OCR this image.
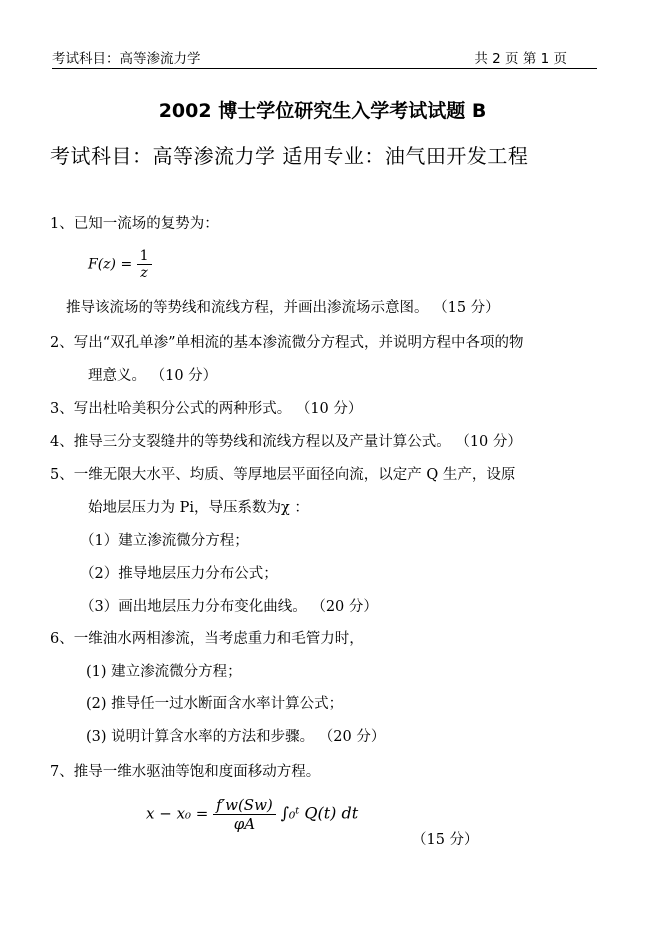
考试科目：高等渗流力学	共 2 页 第 1 页
2002 博士学位研究生入学考试试题 B
考试科目：高等渗流力学 适用专业：油气田开发工程
1、已知一流场的复势为：
$F(z) = \frac{1}{z}$
推导该流场的等势线和流线方程，并画出渗流场示意图。 （15 分）
2、写出“双孔单渗”单相流的基本渗流微分方程式，并说明方程中各项的物
理意义。 （10 分）
3、写出杜哈美积分公式的两种形式。 （10 分）
4、推导三分支裂缝井的等势线和流线方程以及产量计算公式。 （10 分）
5、一维无限大水平、均质、等厚地层平面径向流，以定产 Q 生产，设原
始地层压力为 Pi，导压系数为χ ：
（1）建立渗流微分方程；
（2）推导地层压力分布公式；
（3）画出地层压力分布变化曲线。 （20 分）
6、一维油水两相渗流，当考虑重力和毛管力时，
(1) 建立渗流微分方程；
(2) 推导任一过水断面含水率计算公式；
(3) 说明计算含水率的方法和步骤。 （20 分）
7、推导一维水驱油等饱和度面移动方程。
$x - x_0 = \frac{f'w(Sw)}{\varphi A}$ ∫₀ᵗ Q(t) dt
（15 分）
